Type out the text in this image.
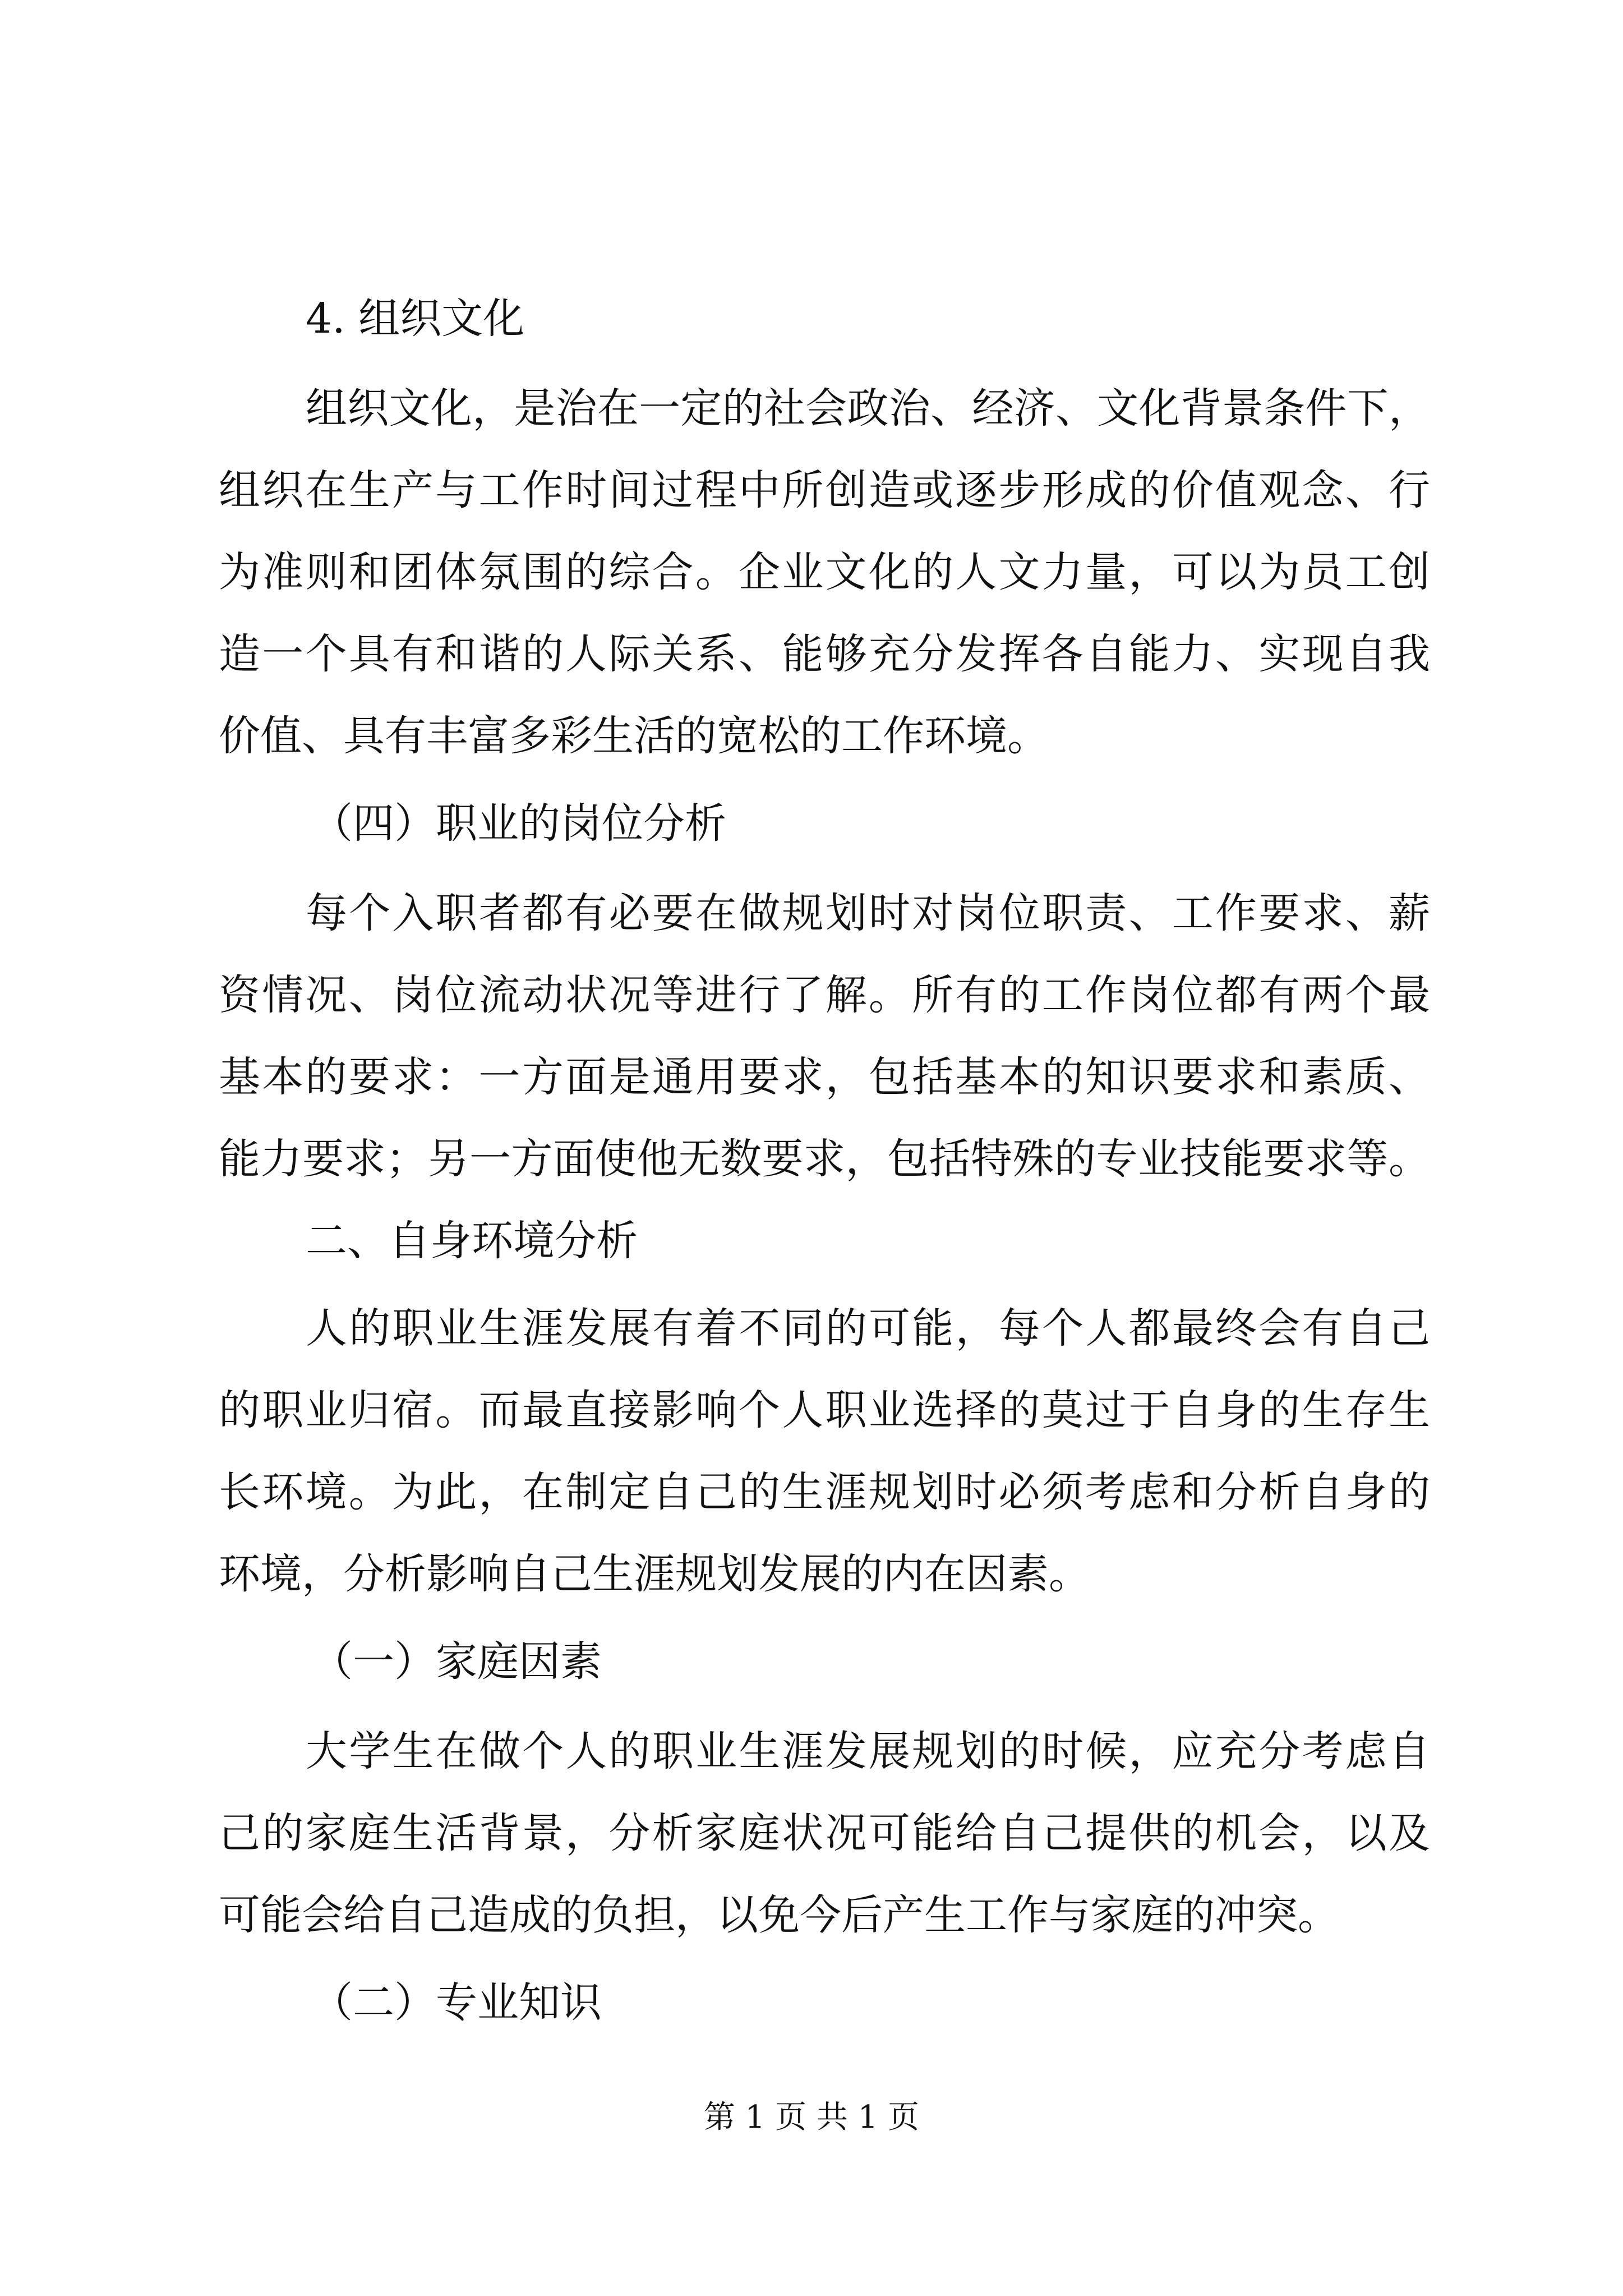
4. 组织文化
组织文化，是治在一定的社会政治、经济、文化背景条件下，
组织在生产与工作时间过程中所创造或逐步形成的价值观念、行
为准则和团体氛围的综合。企业文化的人文力量，可以为员工创
造一个具有和谐的人际关系、能够充分发挥各自能力、实现自我
价值、具有丰富多彩生活的宽松的工作环境。
（四）职业的岗位分析
每个入职者都有必要在做规划时对岗位职责、工作要求、薪
资情况、岗位流动状况等进行了解。所有的工作岗位都有两个最
基本的要求：一方面是通用要求，包括基本的知识要求和素质、
能力要求；另一方面使他无数要求，包括特殊的专业技能要求等。
二、自身环境分析
人的职业生涯发展有着不同的可能，每个人都最终会有自己
的职业归宿。而最直接影响个人职业选择的莫过于自身的生存生
长环境。为此，在制定自己的生涯规划时必须考虑和分析自身的
环境，分析影响自己生涯规划发展的内在因素。
（一）家庭因素
大学生在做个人的职业生涯发展规划的时候，应充分考虑自
己的家庭生活背景，分析家庭状况可能给自己提供的机会，以及
可能会给自己造成的负担，以免今后产生工作与家庭的冲突。
（二）专业知识
第 1 页 共 1 页
